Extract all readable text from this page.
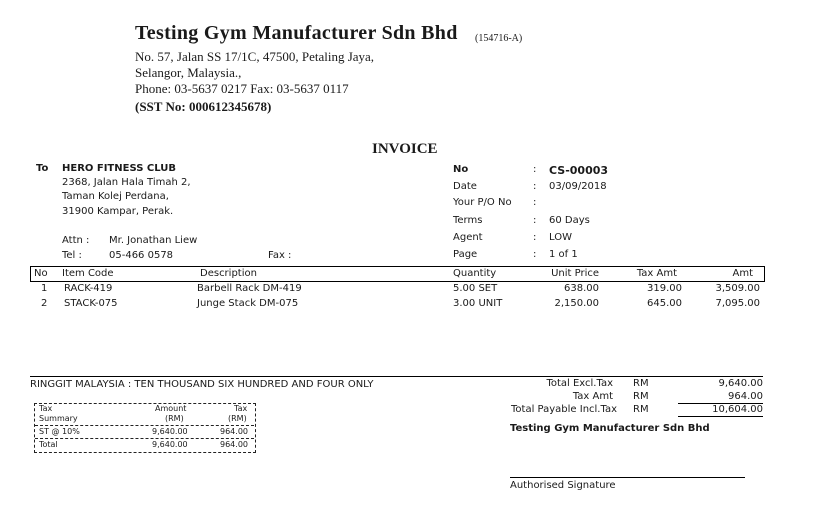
Testing Gym Manufacturer Sdn Bhd (154716-A)
No. 57, Jalan SS 17/1C, 47500, Petaling Jaya,
Selangor, Malaysia.,
Phone: 03-5637 0217 Fax: 03-5637 0117
(SST No: 000612345678)
INVOICE
To HERO FITNESS CLUB
2368, Jalan Hala Timah 2,
Taman Kolej Perdana,
31900 Kampar, Perak.
Attn : Mr. Jonathan Liew
Tel :	05-466 0578	Fax :
No	: CS-00003
Date	: 03/09/2018
Your P/O No :
Terms	: 60 Days
Agent	: LOW
Page	: 1 of 1
No Item Code	Description	Quantity	Unit Price	Tax Amt	Amt
1 RACK-419	Barbell Rack DM-419	5.00 SET	638.00	319.00	3,509.00
2 STACK-075	Junge Stack DM-075	3.00 UNIT	2,150.00	645.00	7,095.00
RINGGIT MALAYSIA : TEN THOUSAND SIX HUNDRED AND FOUR ONLY	Total Excl.Tax RM	9,640.00
Tax Amt RM	964.00
Total Payable Incl.Tax RM	10,604.00
Testing Gym Manufacturer Sdn Bhd
Authorised Signature
Tax	Amount	Tax
Summary	(RM)	(RM)
ST @ 10%	9,640.00	964.00
Total	9,640.00	964.00
